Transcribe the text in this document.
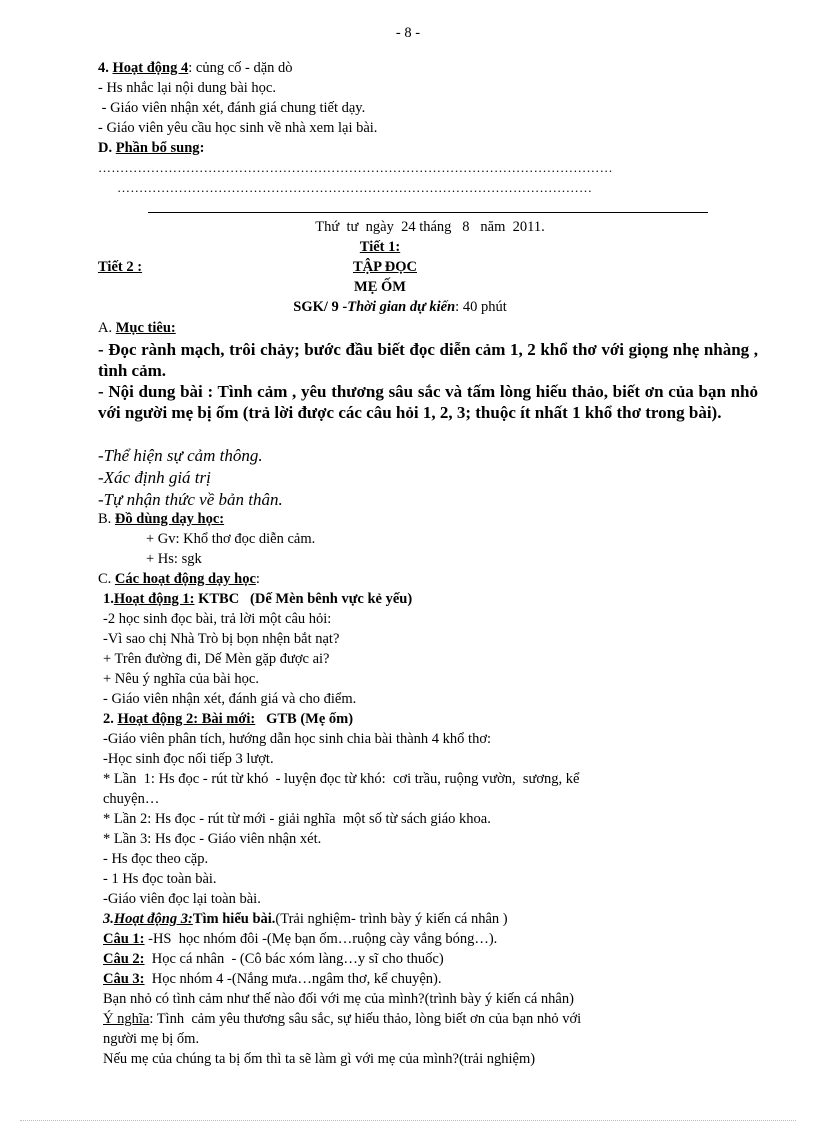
- 8 -
4. Hoạt động 4: củng cố - dặn dò
- Hs nhắc lại nội dung bài học.
- Giáo viên nhận xét, đánh giá chung tiết dạy.
- Giáo viên yêu cầu học sinh về nhà xem lại bài.
D. Phần bổ sung:
………………………………………………………………………………………………………
………………………………………………………………………………………………
Thứ  tư  ngày  24 tháng   8   năm  2011.
Tiết 1:
Tiết 2 :	TẬP ĐỌC
MẸ ỐM
SGK/ 9 -Thời gian dự kiến: 40 phút
A. Mục tiêu:
- Đọc rành mạch, trôi chảy; bước đầu biết đọc diễn cảm 1, 2 khổ thơ với giọng nhẹ nhàng , tình cảm.
- Nội dung bài : Tình cảm , yêu thương sâu sắc và tấm lòng hiếu thảo, biết ơn của bạn nhỏ với người mẹ bị ốm (trả lời được các câu hỏi 1, 2, 3; thuộc ít nhất 1 khổ thơ trong bài).
-Thể hiện sự cảm thông.
-Xác định giá trị
-Tự nhận thức về bản thân.
B. Đồ dùng dạy học:
+ Gv: Khổ thơ đọc diễn cảm.
+ Hs: sgk
C. Các hoạt động dạy học:
1.Hoạt động 1: KTBC   (Dế Mèn bênh vực kẻ yếu)
-2 học sinh đọc bài, trả lời một câu hỏi:
-Vì sao chị Nhà Trò bị bọn nhện bắt nạt?
+ Trên đường đi, Dế Mèn gặp được ai?
+ Nêu ý nghĩa của bài học.
- Giáo viên nhận xét, đánh giá và cho điểm.
2. Hoạt động 2: Bài mới:   GTB (Mẹ ốm)
-Giáo viên phân tích, hướng dẫn học sinh chia bài thành 4 khổ thơ:
-Học sinh đọc nối tiếp 3 lượt.
* Lần  1: Hs đọc - rút từ khó  - luyện đọc từ khó:  cơi trầu, ruộng vườn,  sương, kể
chuyện…
* Lần 2: Hs đọc - rút từ mới - giải nghĩa  một số từ sách giáo khoa.
* Lần 3: Hs đọc - Giáo viên nhận xét.
- Hs đọc theo cặp.
- 1 Hs đọc toàn bài.
-Giáo viên đọc lại toàn bài.
3.Hoạt động 3:Tìm hiểu bài.(Trải nghiệm- trình bày ý kiến cá nhân )
Câu 1: -HS  học nhóm đôi -(Mẹ bạn ốm…ruộng cày vắng bóng…).
Câu 2:  Học cá nhân  - (Cô bác xóm làng…y sĩ cho thuốc)
Câu 3:  Học nhóm 4 -(Nắng mưa…ngâm thơ, kể chuyện).
Bạn nhỏ có tình cảm như thế nào đối với mẹ của mình?(trình bày ý kiến cá nhân)
Ý nghĩa: Tình  cảm yêu thương sâu sắc, sự hiếu thảo, lòng biết ơn của bạn nhỏ với
người mẹ bị ốm.
Nếu mẹ của chúng ta bị ốm thì ta sẽ làm gì với mẹ của mình?(trải nghiệm)
